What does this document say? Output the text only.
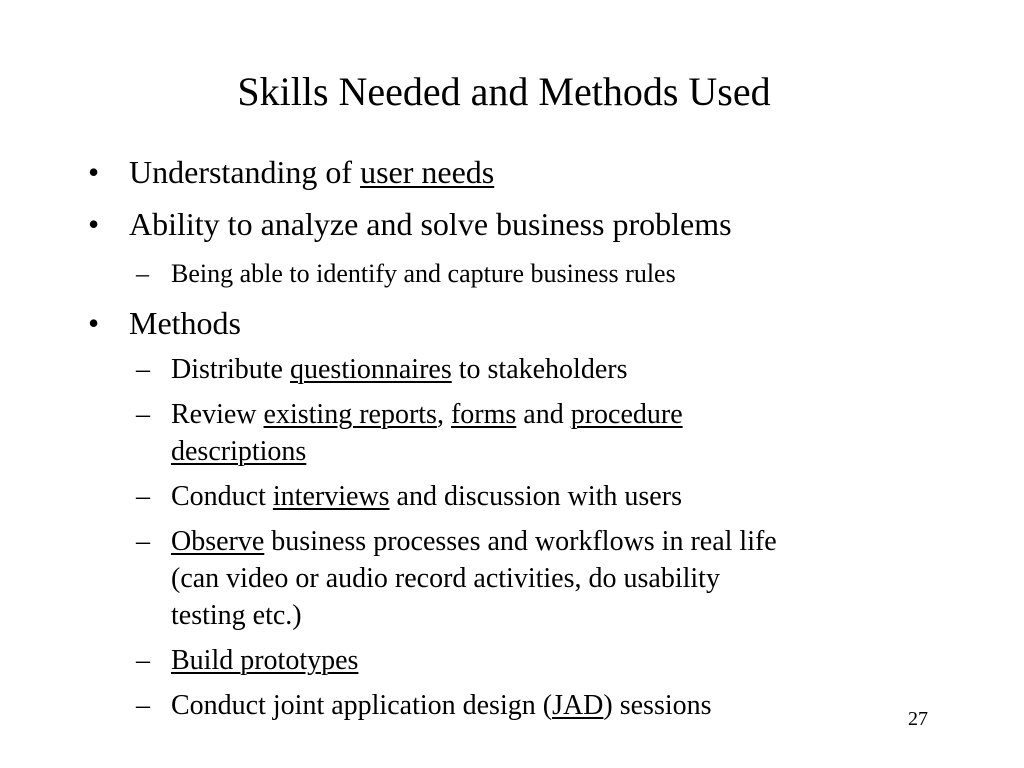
Skills Needed and Methods Used
• Understanding of user needs
• Ability to analyze and solve business problems
– Being able to identify and capture business rules
• Methods
– Distribute questionnaires to stakeholders
– Review existing reports, forms and procedure
descriptions
– Conduct interviews and discussion with users
– Observe business processes and workflows in real life
(can video or audio record activities, do usability
testing etc.)
– Build prototypes
– Conduct joint application design (JAD) sessions	27
